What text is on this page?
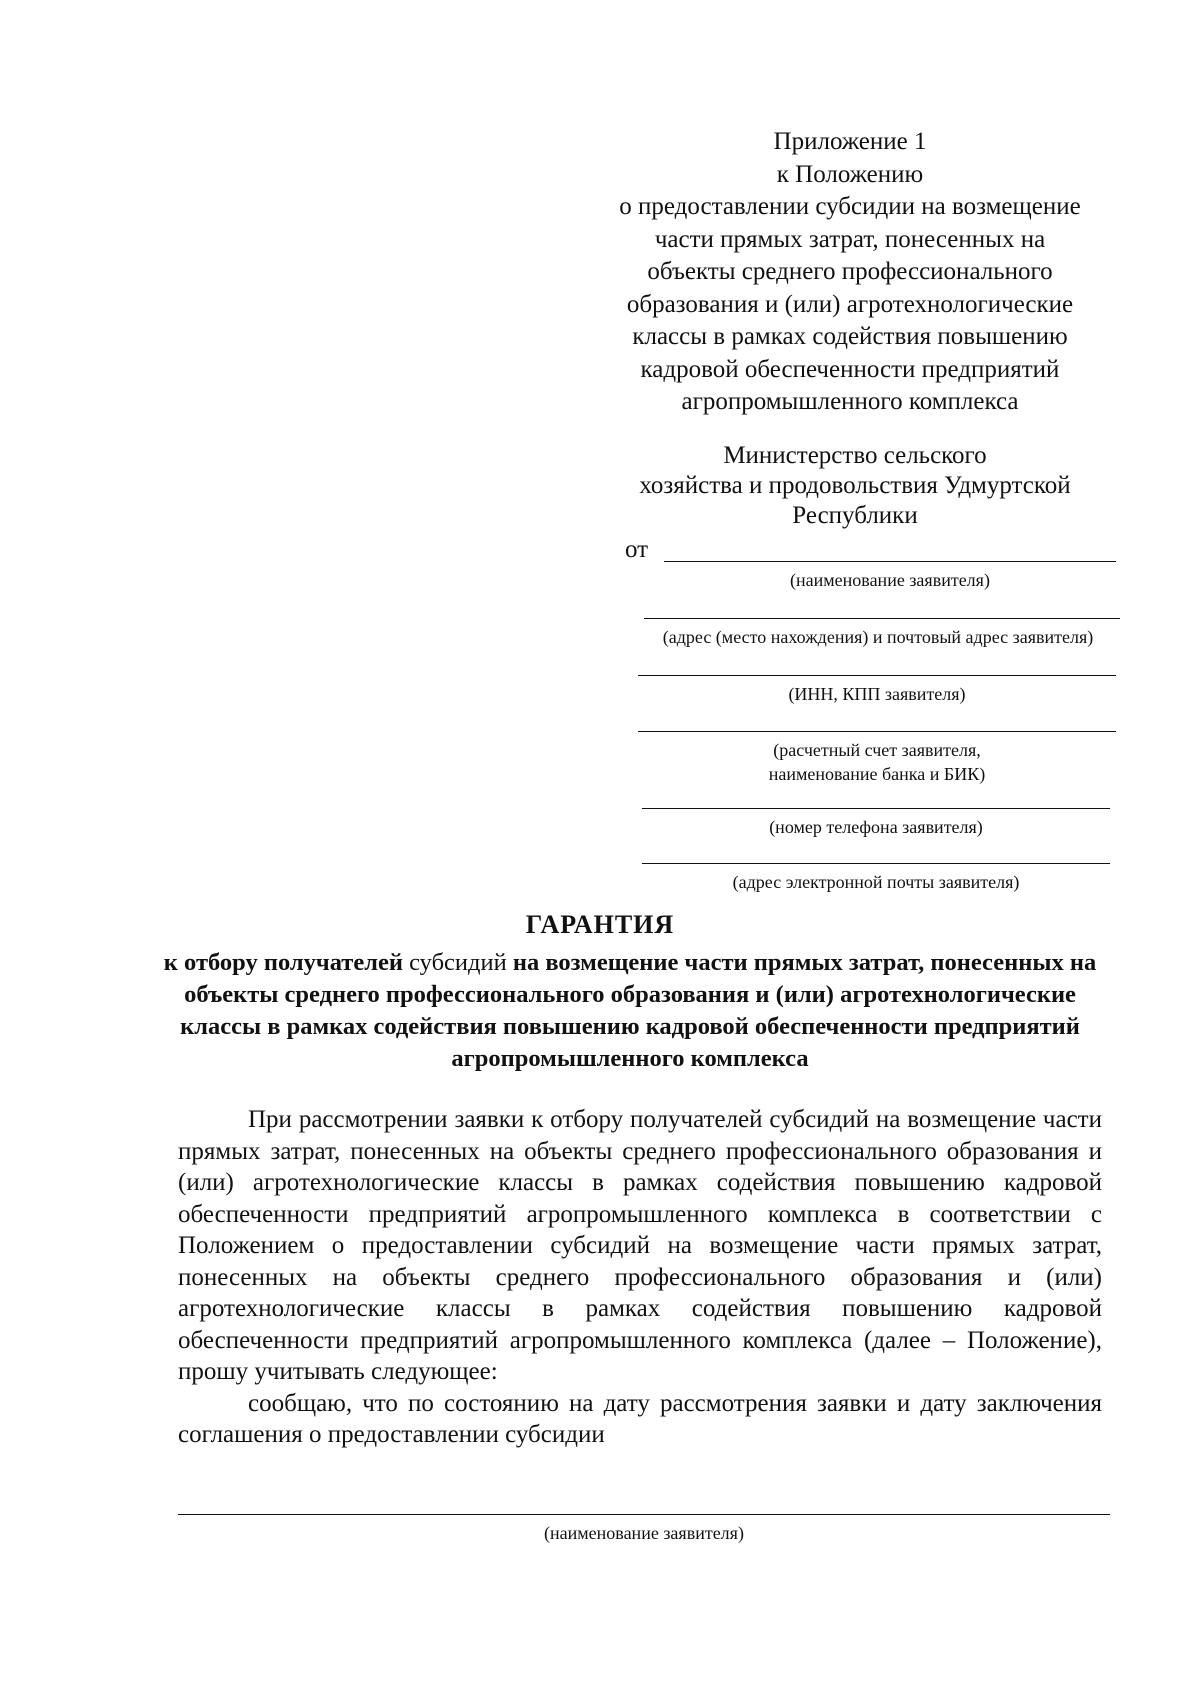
Приложение 1
к Положению
о предоставлении субсидии на возмещение
части прямых затрат, понесенных на
объекты среднего профессионального
образования и (или) агротехнологические
классы в рамках содействия повышению
кадровой обеспеченности предприятий
агропромышленного комплекса
Министерство сельского
хозяйства и продовольствия Удмуртской
Республики
от
(наименование заявителя)
(адрес (место нахождения) и почтовый адрес заявителя)
(ИНН, КПП заявителя)
(расчетный счет заявителя,
наименование банка и БИК)
(номер телефона заявителя)
(адрес электронной почты заявителя)
ГАРАНТИЯ
к отбору получателей субсидий на возмещение части прямых затрат, понесенных на объекты среднего профессионального образования и (или) агротехнологические классы в рамках содействия повышению кадровой обеспеченности предприятий агропромышленного комплекса

При рассмотрении заявки к отбору получателей субсидий на возмещение части прямых затрат, понесенных на объекты среднего профессионального образования и (или) агротехнологические классы в рамках содействия повышению кадровой обеспеченности предприятий агропромышленного комплекса в соответствии с Положением о предоставлении субсидий на возмещение части прямых затрат, понесенных на объекты среднего профессионального образования и (или) агротехнологические классы в рамках содействия повышению кадровой обеспеченности предприятий агропромышленного комплекса (далее – Положение), прошу учитывать следующее:

сообщаю, что по состоянию на дату рассмотрения заявки и дату заключения соглашения о предоставлении субсидии

(наименование заявителя)
